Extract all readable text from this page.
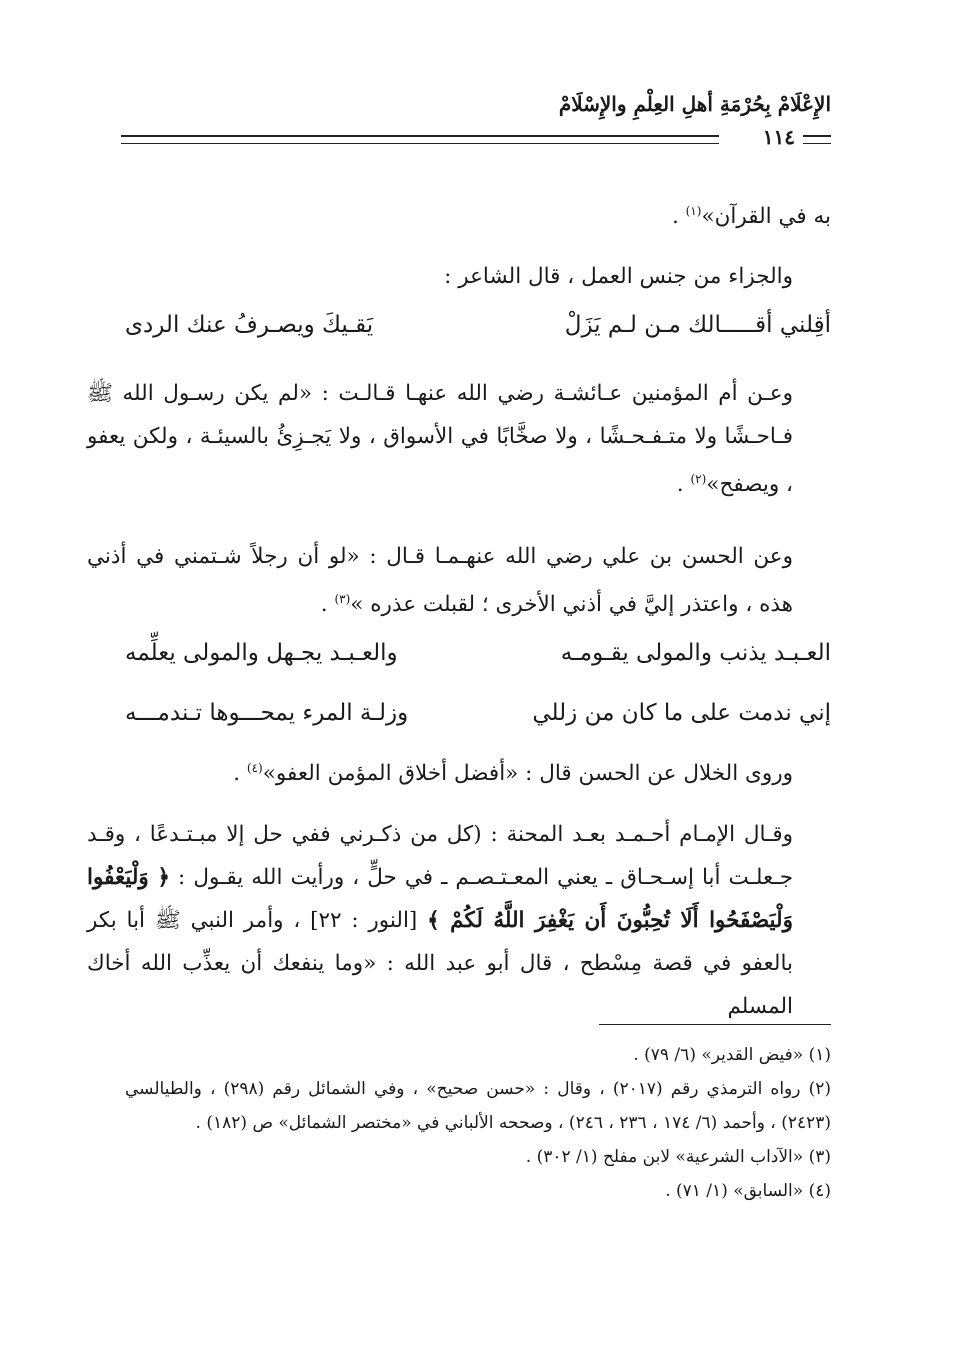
الإِعْلَامْ بِحُرْمَةِ أهلِ العِلْمِ والإِسْلَامْ
١١٤
به في القرآن»$^{(١)}$ .
والجزاء من جنس العمل ، قال الشاعر :
أقِلني أقـــــالك مـن لـم يَزَلْ
يَقـيكَ ويصـرفُ عنك الردى
وعـن أم المؤمنين عـائشـة رضي الله عنهـا قـالـت : «لم يكن رسـول الله ﷺ فـاحـشًا ولا متـفـحـشًا ، ولا صخَّابًا في الأسواق ، ولا يَجـزِئُ بالسيئـة ، ولكن يعفو ، ويصفح»$^{(٢)}$ .
وعن الحسن بن علي رضي الله عنهـمـا قـال : «لو أن رجلاً شـتمني في أذني هذه ، واعتذر إليَّ في أذني الأخرى ؛ لقبلت عذره »$^{(٣)}$ .
العـبـد يذنب والمولى يقـومـه
والعـبـد يجـهل والمولى يعلِّمه
إني ندمت على ما كان من زللي
وزلـة المرء يمحـــوها تـندمـــه
وروى الخلال عن الحسن قال : «أفضل أخلاق المؤمن العفو»$^{(٤)}$ .
وقـال الإمـام أحـمـد بعـد المحنة : (كل من ذكـرني ففي حل إلا مبـتـدعًا ، وقـد جـعلـت أبا إسـحـاق ـ يعني المعـتـصـم ـ في حلٍّ ، ورأيت الله يقـول : ﴿ وَلْيَعْفُوا وَلْيَصْفَحُوا أَلَا تُحِبُّونَ أَن يَغْفِرَ اللَّهُ لَكُمْ ﴾ [النور : ٢٢] ، وأمر النبي ﷺ أبا بكر بالعفو في قصة مِسْطح ، قال أبو عبد الله : «وما ينفعك أن يعذِّب الله أخاك المسلم

(١) «فيض القدير» (٦/ ٧٩) .

(٢) رواه الترمذي رقم (٢٠١٧) ، وقال : «حسن صحيح» ، وفي الشمائل رقم (٢٩٨) ، والطيالسي (٢٤٢٣) ، وأحمد (٦/ ١٧٤ ، ٢٣٦ ، ٢٤٦) ، وصححه الألباني في «مختصر الشمائل» ص (١٨٢) .

(٣) «الآداب الشرعية» لابن مفلح (١/ ٣٠٢) .

(٤) «السابق» (١/ ٧١) .
